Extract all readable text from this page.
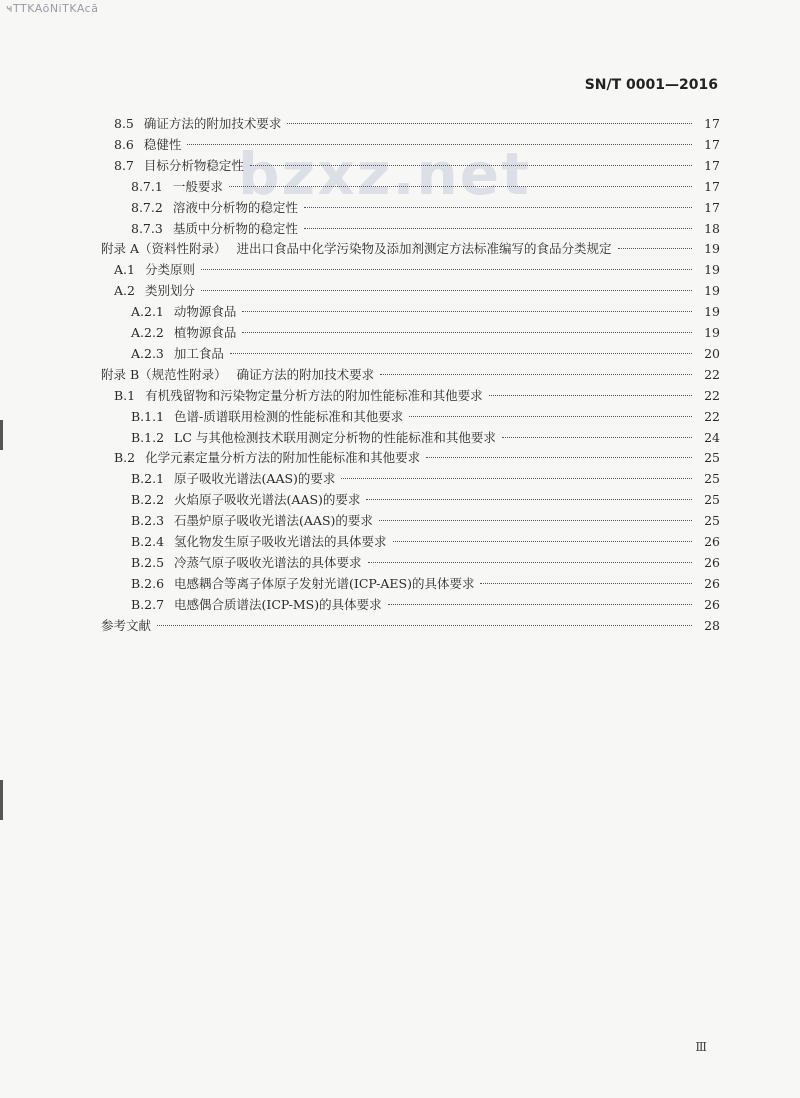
ҹTTKAōNiTKAcā
SN/T 0001—2016
bzxz.net
8.5 确证方法的附加技术要求	17
8.6 稳健性	17
8.7 目标分析物稳定性	17
8.7.1 一般要求	17
8.7.2 溶液中分析物的稳定性	17
8.7.3 基质中分析物的稳定性	18
附录 A（资料性附录） 进出口食品中化学污染物及添加剂测定方法标准编写的食品分类规定	19
A.1 分类原则	19
A.2 类别划分	19
A.2.1 动物源食品	19
A.2.2 植物源食品	19
A.2.3 加工食品	20
附录 B（规范性附录） 确证方法的附加技术要求	22
B.1 有机残留物和污染物定量分析方法的附加性能标准和其他要求	22
B.1.1 色谱-质谱联用检测的性能标准和其他要求	22
B.1.2 LC 与其他检测技术联用测定分析物的性能标准和其他要求	24
B.2 化学元素定量分析方法的附加性能标准和其他要求	25
B.2.1 原子吸收光谱法(AAS)的要求	25
B.2.2 火焰原子吸收光谱法(AAS)的要求	25
B.2.3 石墨炉原子吸收光谱法(AAS)的要求	25
B.2.4 氢化物发生原子吸收光谱法的具体要求	26
B.2.5 冷蒸气原子吸收光谱法的具体要求	26
B.2.6 电感耦合等离子体原子发射光谱(ICP-AES)的具体要求	26
B.2.7 电感偶合质谱法(ICP-MS)的具体要求	26
参考文献	28
Ⅲ
